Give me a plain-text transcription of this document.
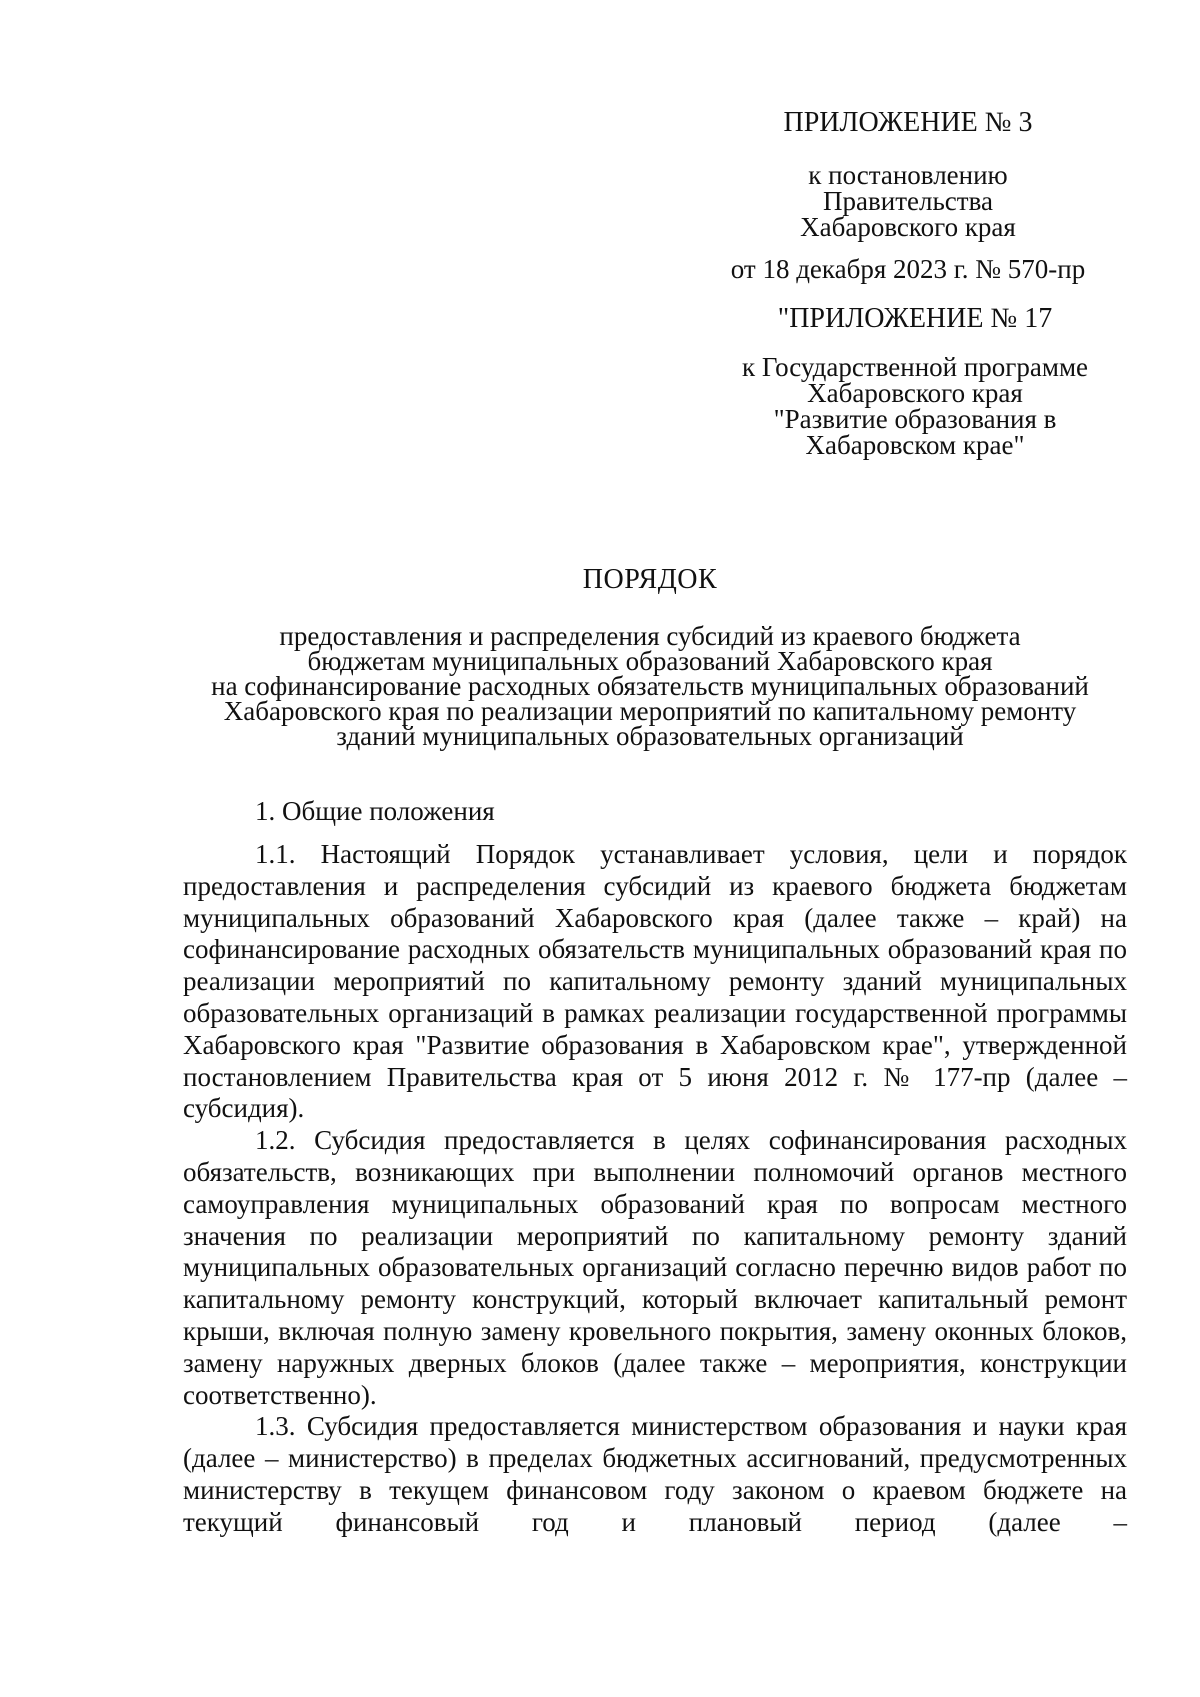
ПРИЛОЖЕНИЕ № 3
к постановлению
Правительства
Хабаровского края
от 18 декабря 2023 г. № 570-пр
"ПРИЛОЖЕНИЕ № 17
к Государственной программе
Хабаровского края
"Развитие образования в
Хабаровском крае"
ПОРЯДОК
предоставления и распределения субсидий из краевого бюджета
бюджетам муниципальных образований Хабаровского края
на софинансирование расходных обязательств муниципальных образований
Хабаровского края по реализации мероприятий по капитальному ремонту
зданий муниципальных образовательных организаций
1. Общие положения

1.1. Настоящий Порядок устанавливает условия, цели и порядок предоставления и распределения субсидий из краевого бюджета бюджетам муниципальных образований Хабаровского края (далее также – край) на софинансирование расходных обязательств муниципальных образований края по реализации мероприятий по капитальному ремонту зданий муниципальных образовательных организаций в рамках реализации государственной программы Хабаровского края "Развитие образования в Хабаровском крае", утвержденной постановлением Правительства края от 5 июня 2012 г. № 177-пр (далее – субсидия).

1.2. Субсидия предоставляется в целях софинансирования расходных обязательств, возникающих при выполнении полномочий органов местного самоуправления муниципальных образований края по вопросам местного значения по реализации мероприятий по капитальному ремонту зданий муниципальных образовательных организаций согласно перечню видов работ по капитальному ремонту конструкций, который включает капитальный ремонт крыши, включая полную замену кровельного покрытия, замену оконных блоков, замену наружных дверных блоков (далее также – мероприятия, конструкции соответственно).

1.3. Субсидия предоставляется министерством образования и науки края (далее – министерство) в пределах бюджетных ассигнований, предусмотренных министерству в текущем финансовом году законом о краевом бюджете на текущий финансовый год и плановый период (далее –
